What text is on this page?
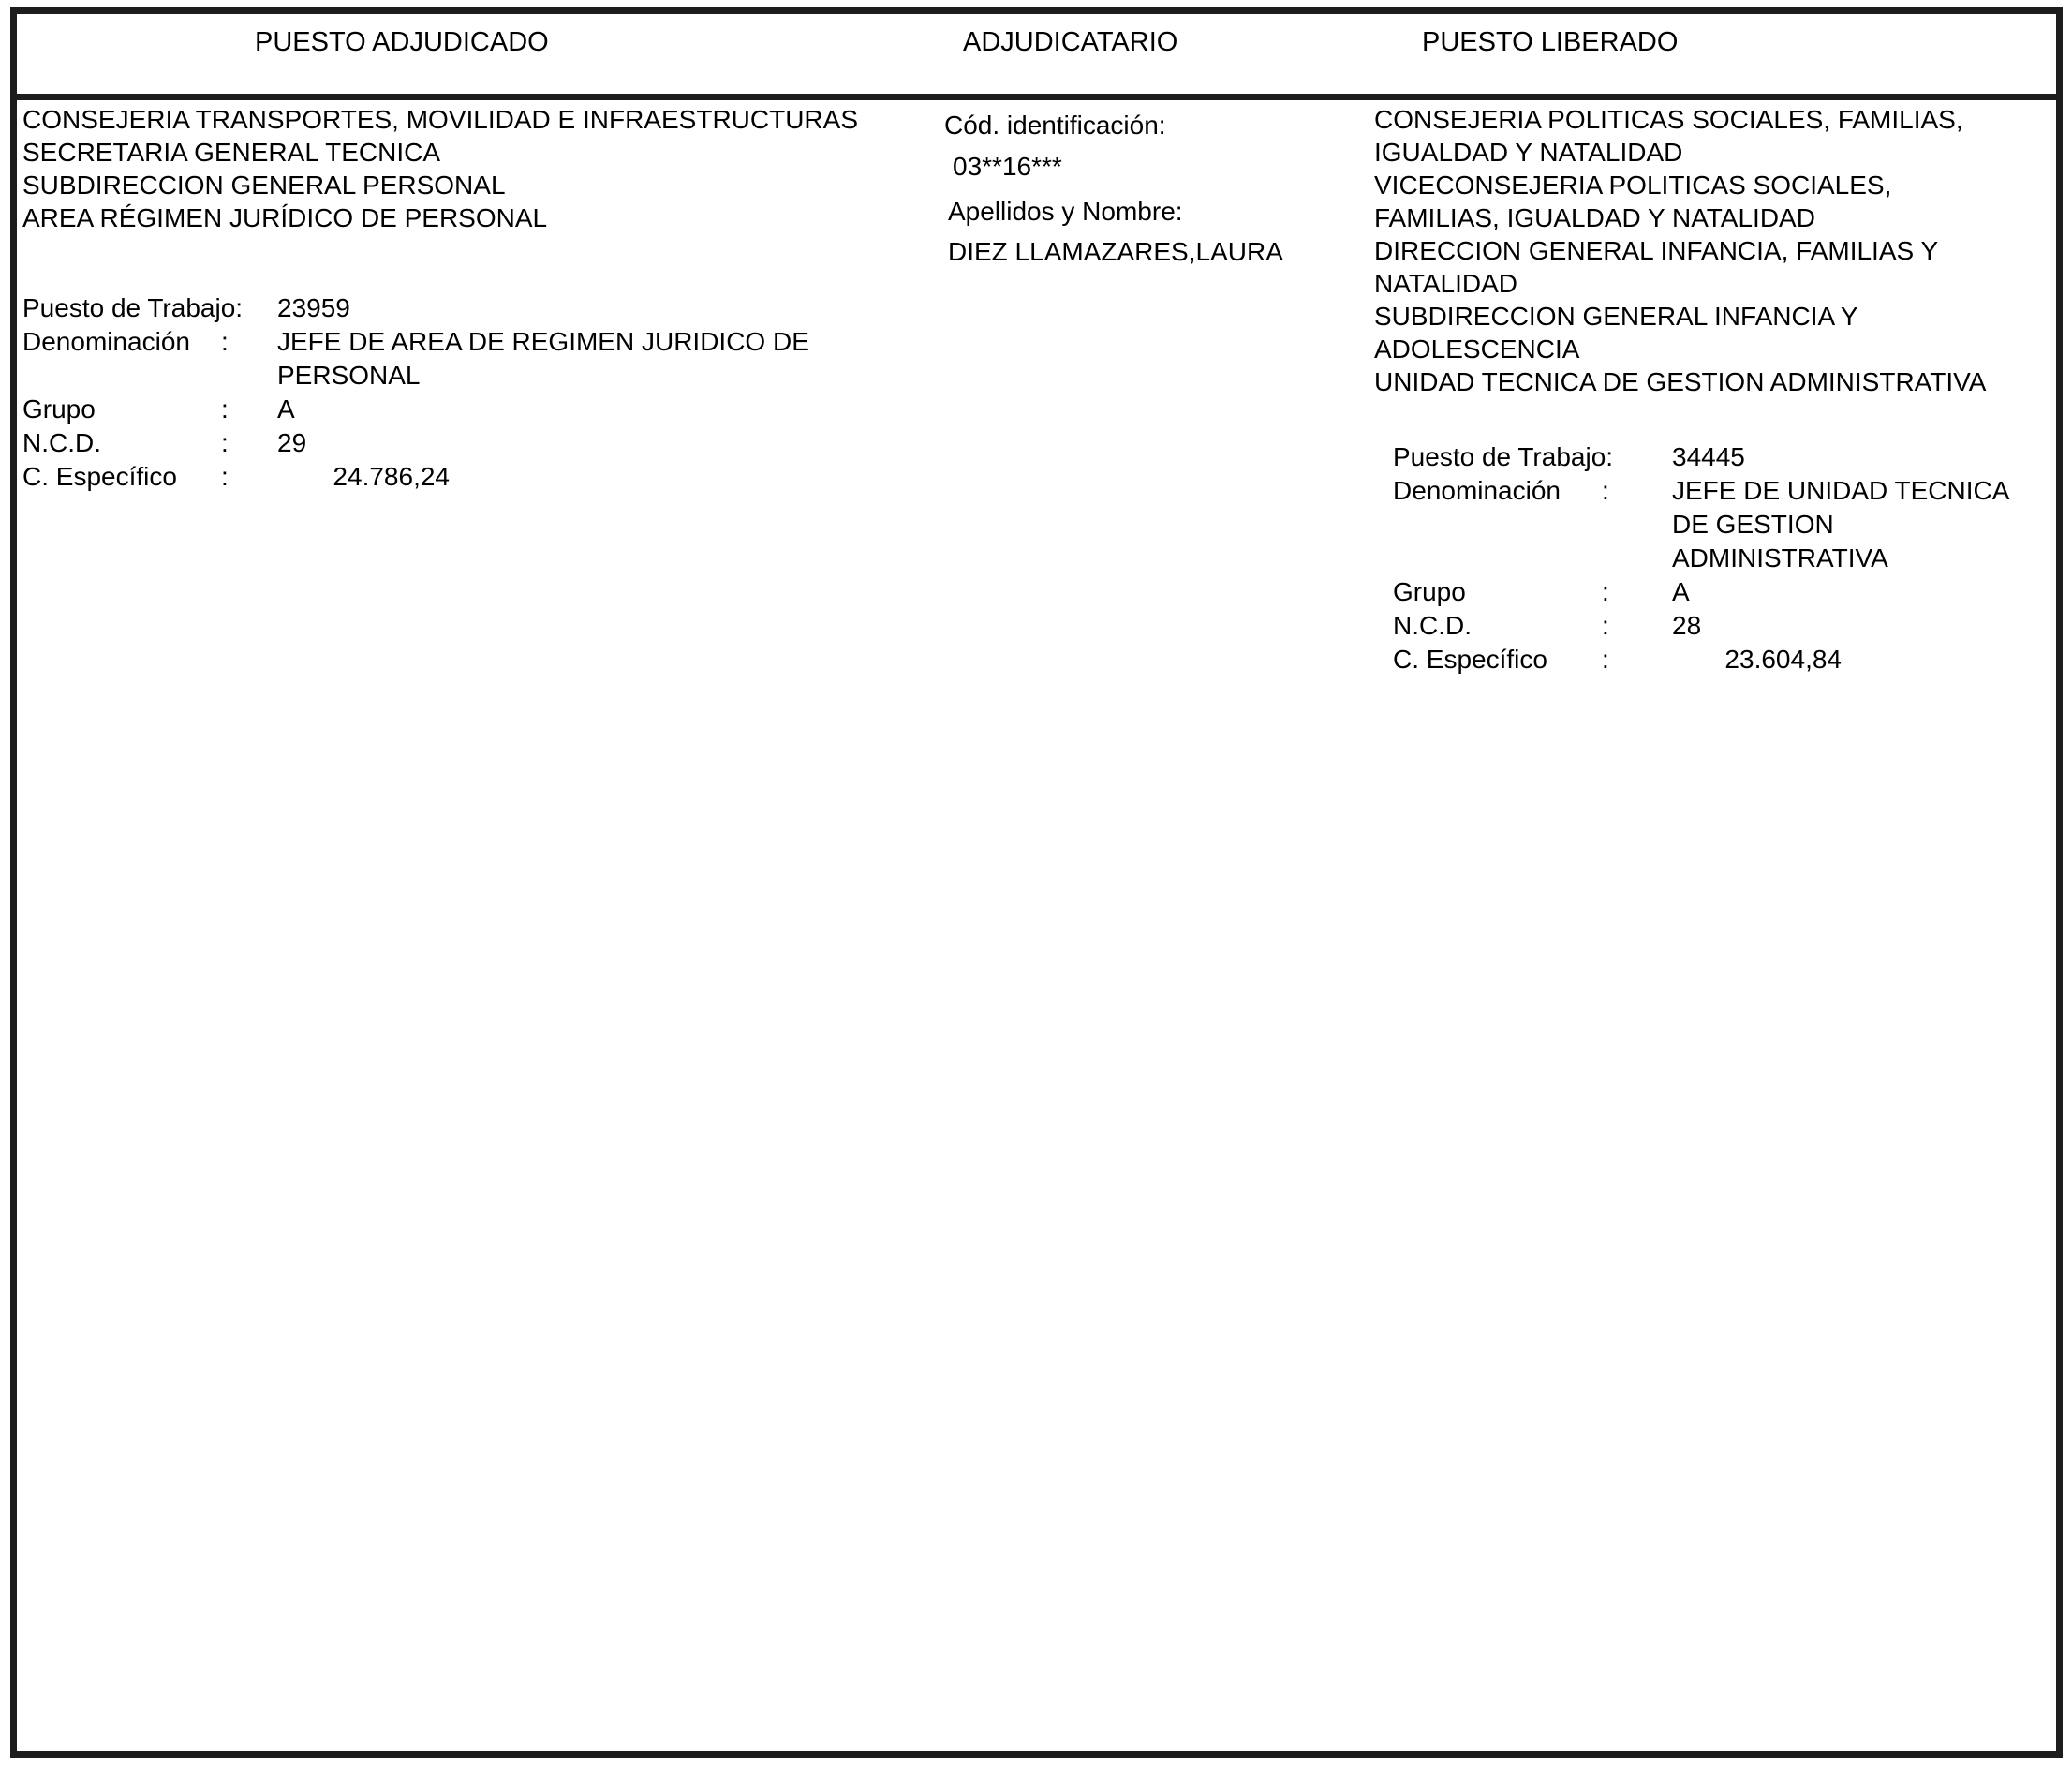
PUESTO ADJUDICADO	ADJUDICATARIO	PUESTO LIBERADO
CONSEJERIA TRANSPORTES, MOVILIDAD E INFRAESTRUCTURAS
SECRETARIA GENERAL TECNICA
SUBDIRECCION GENERAL PERSONAL
AREA RÉGIMEN JURÍDICO DE PERSONAL
Puesto de Trabajo: 23959
Denominación	:	JEFE DE AREA DE REGIMEN JURIDICO DE
PERSONAL
Grupo	:	A
N.C.D.	:	29
C. Específico	:	24.786,24
Cód. identificación:
03**16***
Apellidos y Nombre:
DIEZ LLAMAZARES,LAURA
CONSEJERIA POLITICAS SOCIALES, FAMILIAS,
IGUALDAD Y NATALIDAD
VICECONSEJERIA POLITICAS SOCIALES,
FAMILIAS, IGUALDAD Y NATALIDAD
DIRECCION GENERAL INFANCIA, FAMILIAS Y
NATALIDAD
SUBDIRECCION GENERAL INFANCIA Y
ADOLESCENCIA
UNIDAD TECNICA DE GESTION ADMINISTRATIVA
Puesto de Trabajo: 34445
Denominación	:	JEFE DE UNIDAD TECNICA
DE GESTION
ADMINISTRATIVA
Grupo	:	A
N.C.D.	:	28
C. Específico	:	23.604,84
